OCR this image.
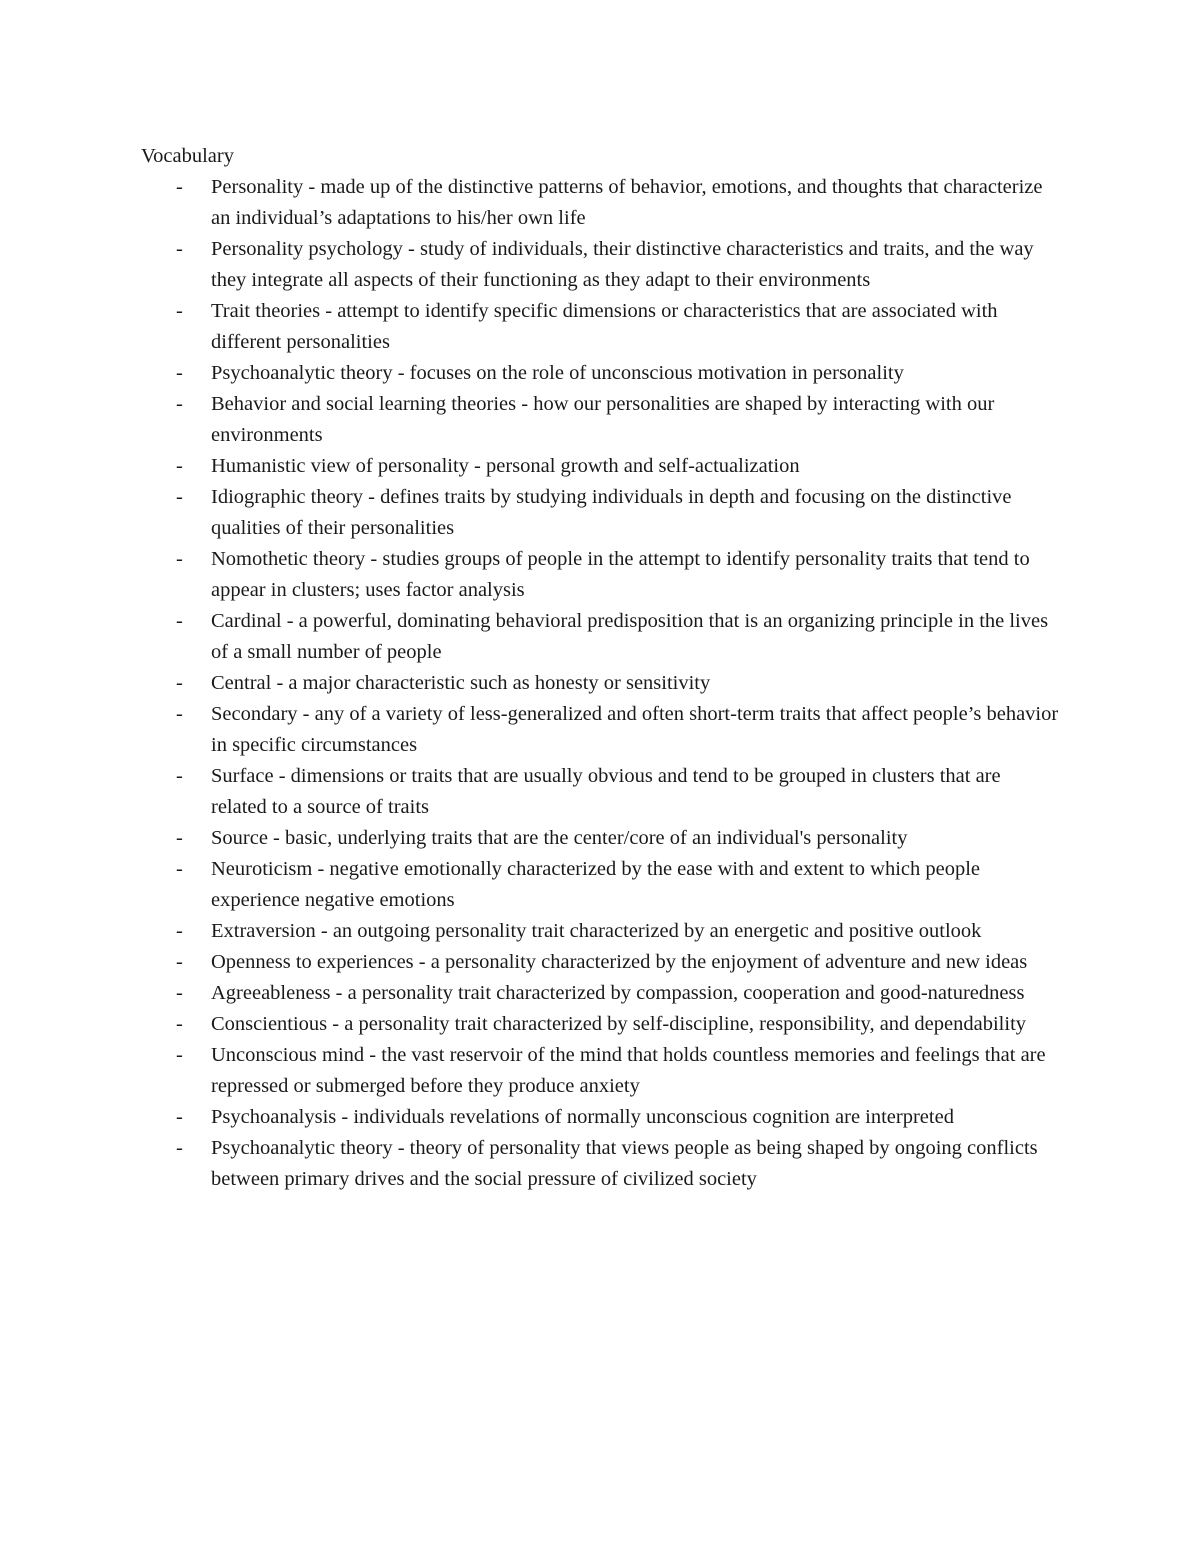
Vocabulary
- Personality - made up of the distinctive patterns of behavior, emotions, and thoughts that characterize an individual’s adaptations to his/her own life
- Personality psychology - study of individuals, their distinctive characteristics and traits, and the way they integrate all aspects of their functioning as they adapt to their environments
- Trait theories - attempt to identify specific dimensions or characteristics that are associated with different personalities
- Psychoanalytic theory - focuses on the role of unconscious motivation in personality
- Behavior and social learning theories - how our personalities are shaped by interacting with our environments
- Humanistic view of personality - personal growth and self-actualization
- Idiographic theory - defines traits by studying individuals in depth and focusing on the distinctive qualities of their personalities
- Nomothetic theory - studies groups of people in the attempt to identify personality traits that tend to appear in clusters; uses factor analysis
- Cardinal - a powerful, dominating behavioral predisposition that is an organizing principle in the lives of a small number of people
- Central - a major characteristic such as honesty or sensitivity
- Secondary - any of a variety of less-generalized and often short-term traits that affect people’s behavior in specific circumstances
- Surface - dimensions or traits that are usually obvious and tend to be grouped in clusters that are related to a source of traits
- Source - basic, underlying traits that are the center/core of an individual's personality
- Neuroticism - negative emotionally characterized by the ease with and extent to which people experience negative emotions
- Extraversion - an outgoing personality trait characterized by an energetic and positive outlook
- Openness to experiences - a personality characterized by the enjoyment of adventure and new ideas
- Agreeableness - a personality trait characterized by compassion, cooperation and good-naturedness
- Conscientious - a personality trait characterized by self-discipline, responsibility, and dependability
- Unconscious mind - the vast reservoir of the mind that holds countless memories and feelings that are repressed or submerged before they produce anxiety
- Psychoanalysis - individuals revelations of normally unconscious cognition are interpreted
- Psychoanalytic theory - theory of personality that views people as being shaped by ongoing conflicts between primary drives and the social pressure of civilized society
